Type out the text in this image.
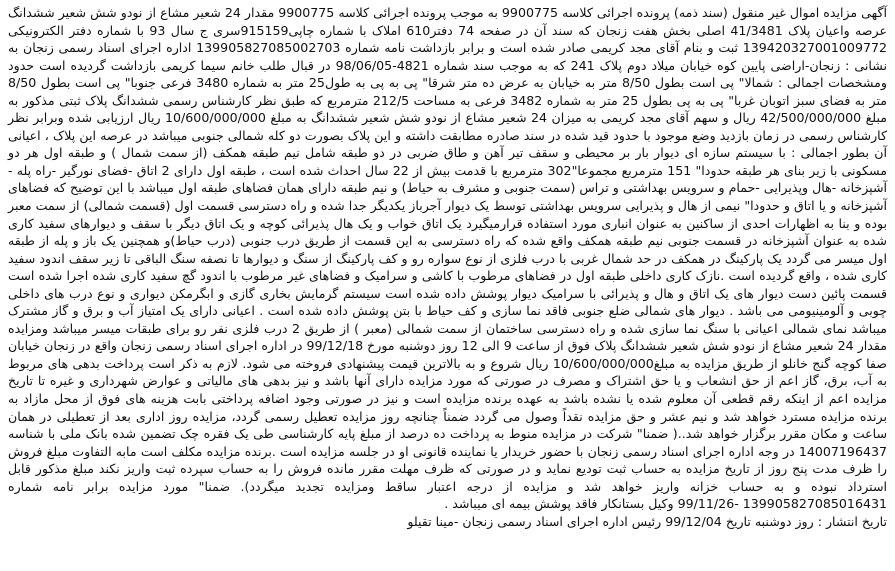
آگهی مزایده اموال غیر منقول (سند ذمه) پرونده اجرائی کلاسه 9900775 به موجب پرونده اجرائی کلاسه 9900775 مقدار 24 شعیر مشاع از نودو شش شعیر ششدانگ عرصه واعیان پلاک 41/3481 اصلی بخش هفت زنجان که سند آن در صفحه 74 دفتر610 املاک با شماره چاپی915159سری ج سال 93 با شماره دفتر الکترونیکی 139420327001009772 ثبت و بنام آقای مجد کریمی صادر شده است و برابر بازداشت نامه شماره 139905827085002703 اداره اجرای اسناد رسمی زنجان به نشانی : زنجان-اراضی پایین کوه خیابان میلاد دوم پلاک 241 که به موجب سند شماره 4821-98/06/05 در قبال طلب خانم سیما کریمی بازداشت گردیده است حدود ومشخصات اجمالی : شمالا" پی است بطول 8/50 متر به خیابان به عرض ده متر شرقا" پی به پی به طول25 متر به شماره 3480 فرعی جنوبا" پی است بطول 8/50 متر به فضای سبز اتوبان غربا" پی به پی بطول 25 متر به شماره 3482 فرعی به مساحت 212/5 مترمربع که طبق نظر کارشناس رسمی ششدانگ پلاک ثبتی مذکور به مبلغ 42/500/000/000 ریال و سهم آقای مجد کریمی به میزان 24 شعیر مشاع از نودو شش شعیر ششدانگ به مبلغ 10/600/000/000 ریال ارزیابی شده وبرابر نظر کارشناس رسمی در زمان بازدید وضع موجود با حدود قید شده در سند صادره مطابقت داشته و این پلاک بصورت دو کله شمالی جنوبی میباشد در عرصه این پلاک ، اعیانی آن بطور اجمالی : با سیستم سازه ای دیوار بار بر محیطی و سقف تیر آهن و طاق ضربی در دو طبقه شامل نیم طبقه همکف (از سمت شمال ) و طبقه اول هر دو مسکونی با زیر بنای هر طبقه حدودا" 151 مترمربع مجموعا"302 مترمربع با قدمت بیش از 22 سال احداث شده است ، طبقه اول دارای 2 اتاق -فضای نورگیر -راه پله - آشپزخانه -هال وپذیرایی -حمام و سرویس بهداشتی و تراس (سمت جنوبی و مشرف به حیاط) و نیم طبقه دارای همان فضاهای طبقه اول میباشد با این توضیح که فضاهای آشپزخانه و یا اتاق و حدودا" نیمی از هال و پذیرایی سرویس بهداشتی توسط یک دیوار آجرباز یکدیگر جدا شده و راه دسترسی قسمت اول (قسمت شمالی) از سمت معبر بوده و بنا به اظهارات احدی از ساکنین به عنوان انباری مورد استفاده قرارمیگیرد یک اتاق خواب و یک هال پذیرائی کوچه و یک اتاق دیگر با سقف و دیوارهای سفید کاری شده به عنوان آشپزخانه در قسمت جنوبی نیم طبقه همکف واقع شده که راه دسترسی به این قسمت از طریق درب جنوبی (درب حیاط)و همچنین یک باز و پله از طبقه اول میسر می گردد یک پارکینگ در همکف در حد شمال غربی با درب فلزی از نوع سواره رو و کف پارکینگ از سنگ و دیوارها تا نصفه سنگ الباقی تا زیر سقف اندود سفید کاری شده ، واقع گردیده است .نازک کاری داخلی طبقه اول در فضاهای مرطوب با کاشی و سرامیک و فضاهای غیر مرطوب با اندود گچ سفید کاری شده اجرا شده است قسمت پائین دست دیوار های یک اتاق و هال و پذیرائی با سرامیک دیوار پوشش داده شده است سیستم گرمایش بخاری گازی و ابگرمکن دیواری و نوع درب های داخلی چوبی و آلومینیومی می باشد . دیوار های شمالی ضلع جنوبی فاقد نما سازی و کف حیاط با بتن پوشش داده شده است . اعیانی دارای یک امتیاز آب و برق و گاز مشترک میباشد نمای شمالی اعیانی با سنگ نما سازی شده و راه دسترسی ساختمان از سمت شمالی (معبر ) از طریق 2 درب فلزی نفر رو برای طبقات میسر میباشد ومزایده مقدار 24 شعیر مشاع از نودو شش شعیر ششدانگ پلاک فوق از ساعت 9 الی 12 روز دوشنبه مورخ 99/12/18 در اداره اجرای اسناد رسمی زنجان واقع در زنجان خیابان صفا کوچه گنج خانلو از طریق مزایده به مبلغ10/600/000/000 ریال شروع و به بالاترین قیمت پیشنهادی فروخته می شود. لازم به ذکر است پرداخت بدهی های مربوط به آب، برق، گاز اعم از حق انشعاب و یا حق اشتراک و مصرف در صورتی که مورد مزایده دارای آنها باشد و نیز بدهی های مالیاتی و عوارض شهرداری و غیره تا تاریخ مزایده اعم از اینکه رقم قطعی آن معلوم شده یا نشده باشد به عهده برنده مزایده است و نیز در صورتی وجود اضافه پرداختی بابت هزینه های فوق از محل مازاد به برنده مزایده مسترد خواهد شد و نیم عشر و حق مزایده نقداً وصول می گردد ضمناً چنانچه روز مزایده تعطیل رسمی گردد، مزایده روز اداری بعد از تعطیلی در همان ساعت و مکان مقرر برگزار خواهد شد..( ضمنا" شرکت در مزایده منوط به پرداخت ده درصد از مبلغ پایه کارشناسی طی یک فقره چک تضمین شده بانک ملی با شناسه 14007196437 در وجه اداره اجرای اسناد رسمی زنجان با حضور خریدار یا نماینده قانونی او در جلسه مزایده است .برنده مزایده مکلف است مابه التفاوت مبلغ فروش را ظرف مدت پنج روز از تاریخ مزایده به حساب ثبت تودیع نماید و در صورتی که ظرف مهلت مقرر مانده فروش را به حساب سپرده ثبت واریز نکند مبلغ مذکور قابل استرداد نبوده و به حساب خزانه واریز خواهد شد و مزایده از درجه اعتبار ساقط ومزایده تجدید میگردد). ضمنا" مورد مزایده برابر نامه شماره 139905827085016431 -99/11/26 وکیل بستانکار فاقد پوشش بیمه ای میباشد .

تاریخ انتشار : روز دوشنبه تاریخ 99/12/04 رئیس اداره اجرای اسناد رسمی زنجان -مینا تقیلو
